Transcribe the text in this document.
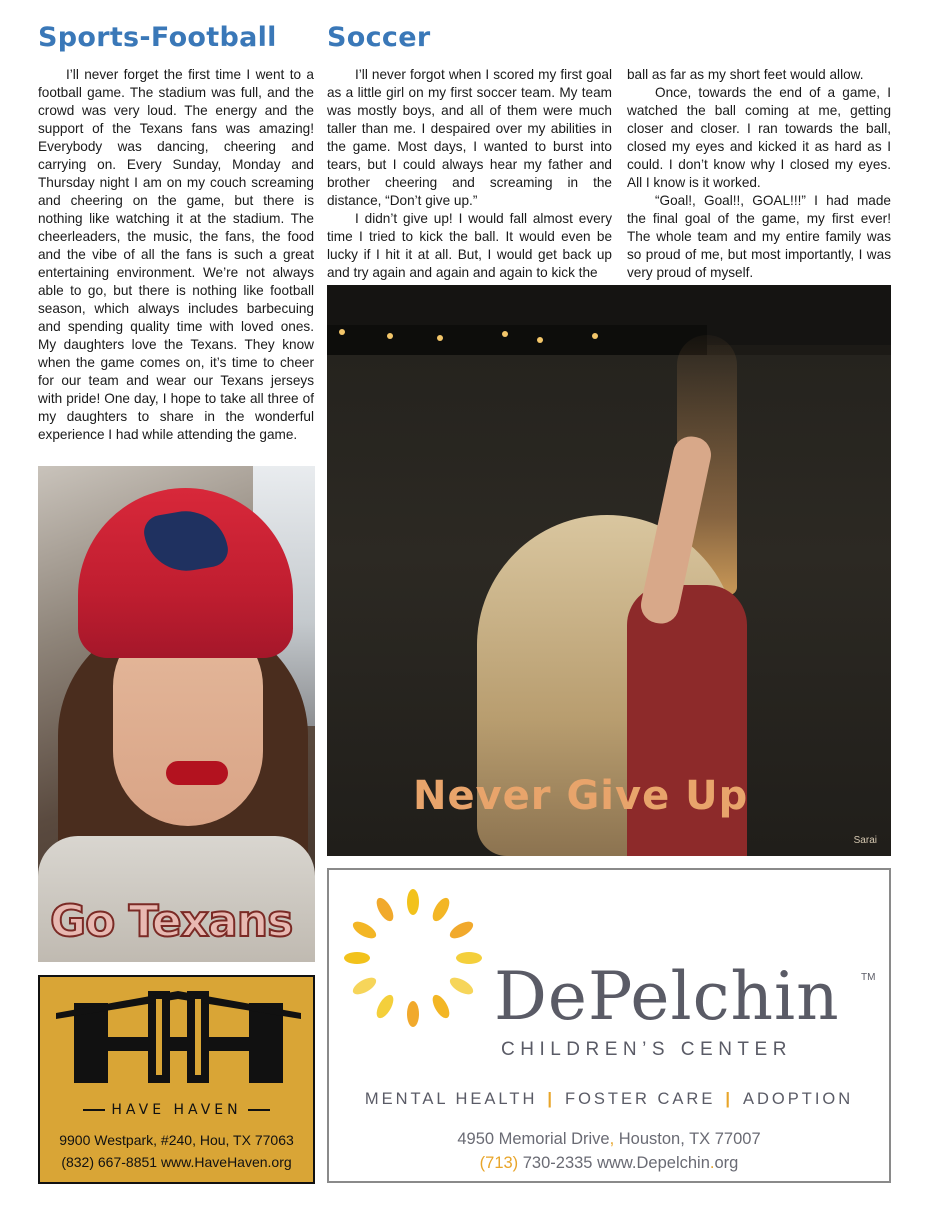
Sports-Football Soccer

I’ll never forget the first time I went to a football game. The stadium was full, and the crowd was very loud. The energy and the support of the Texans fans was amazing! Everybody was dancing, cheering and carrying on. Every Sunday, Monday and Thursday night I am on my couch screaming and cheering on the game, but there is nothing like watching it at the stadium. The cheerleaders, the music, the fans, the food and the vibe of all the fans is such a great entertaining environment. We’re not always able to go, but there is nothing like football season, which always includes barbecuing and spending quality time with loved ones. My daughters love the Texans. They know when the game comes on, it’s time to cheer for our team and wear our Texans jerseys with pride! One day, I hope to take all three of my daughters to share in the wonderful experience I had while attending the game.

I’ll never forgot when I scored my first goal as a little girl on my first soccer team. My team was mostly boys, and all of them were much taller than me. I despaired over my abilities in the game. Most days, I wanted to burst into tears, but I could always hear my father and brother cheering and screaming in the distance, “Don’t give up.”

I didn’t give up! I would fall almost every time I tried to kick the ball. It would even be lucky if I hit it at all. But, I would get back up and try again and again and again to kick the

ball as far as my short feet would allow.

Once, towards the end of a game, I watched the ball coming at me, getting closer and closer. I ran towards the ball, closed my eyes and kicked it as hard as I could. I don’t know why I closed my eyes. All I know is it worked.

“Goal!, Goal!!, GOAL!!!” I had made the final goal of the game, my first ever! The whole team and my entire family was so proud of me, but most importantly, I was very proud of myself.

Go Texans
Never Give Up
Sarai
HAVE HAVEN
9900 Westpark, #240, Hou, TX 77063
(832) 667-8851 www.HaveHaven.org
DePelchin TM
CHILDREN’S CENTER
MENTAL HEALTH | FOSTER CARE | ADOPTION
4950 Memorial Drive, Houston, TX 77007
(713) 730-2335 www.Depelchin.org
